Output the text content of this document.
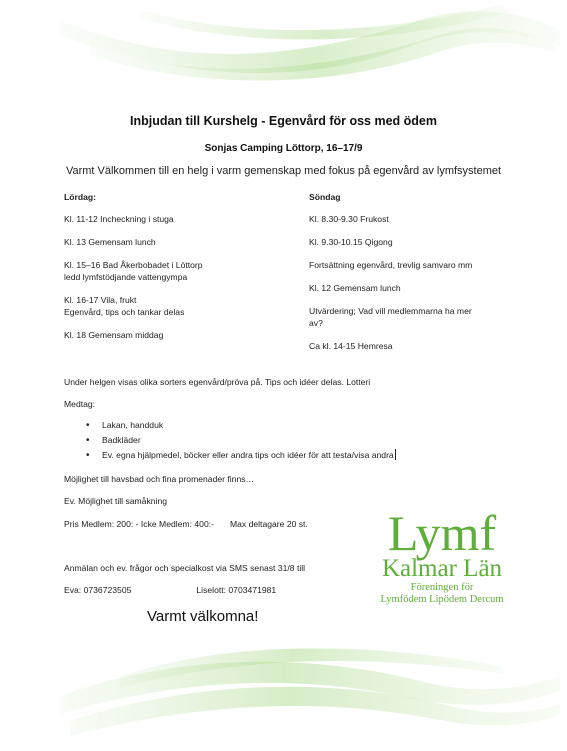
Inbjudan till Kurshelg - Egenvård för oss med ödem
Sonjas Camping Löttorp, 16–17/9
Varmt Välkommen till en helg i varm gemenskap med fokus på egenvård av lymfsystemet
Lördag:

Kl. 11-12 Incheckning i stuga

Kl. 13 Gemensam lunch

Kl. 15–16 Bad Åkerbobadet i Löttorp
ledd lymfstödjande vattengympa

Kl. 16-17 Vila, frukt
Egenvård, tips och tankar delas

Kl. 18 Gemensam middag

Söndag

Kl. 8.30-9.30 Frukost

Kl. 9.30-10.15 Qigong

Fortsättning egenvård, trevlig samvaro mm

Kl. 12 Gemensam lunch

Utvärdering; Vad vill medlemmarna ha mer
av?

Ca kl. 14-15 Hemresa

Under helgen visas olika sorters egenvård/pröva på. Tips och idéer delas. Lotteri
Medtag:
• Lakan, handduk
• Badkläder
• Ev. egna hjälpmedel, böcker eller andra tips och idéer för att testa/visa andra
Möjlighet till havsbad och fina promenader finns…
Ev. Möjlighet till samåkning
Pris Medlem: 200: - Icke Medlem: 400:- Max deltagare 20 st.
Anmälan och ev. frågor och specialkost via SMS senast 31/8 till
Eva: 0736723505	Liselott: 0703471981
Varmt välkomna!
Lymf
Kalmar Län
Föreningen för
Lymfödem Lipödem Dercum
